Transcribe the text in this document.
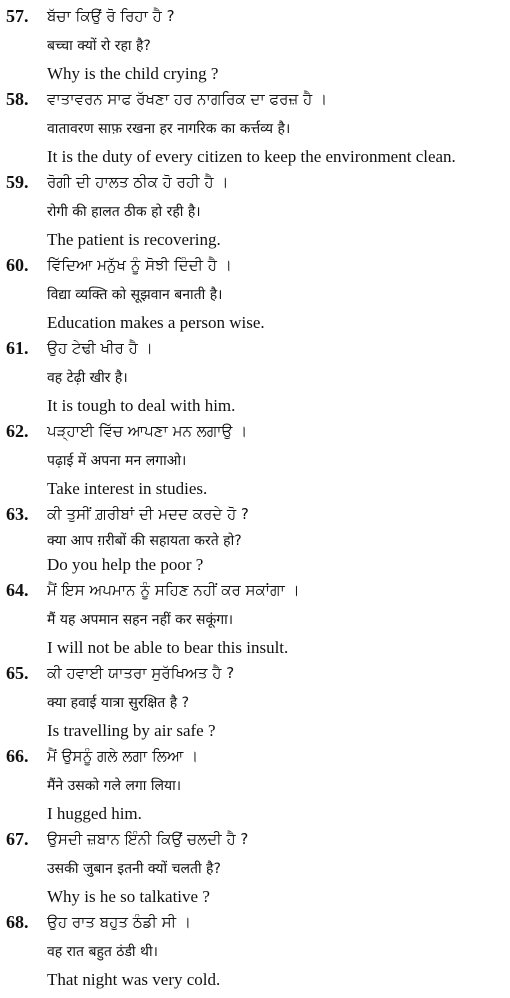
57. ਬੱਚਾ ਕਿਉਂ ਰੋ ਰਿਹਾ ਹੈ ?
बच्चा क्यों रो रहा है?
Why is the child crying ?
58. ਵਾਤਾਵਰਨ ਸਾਫ ਰੱਖਣਾ ਹਰ ਨਾਗਰਿਕ ਦਾ ਫਰਜ਼ ਹੈ ।
वातावरण साफ़ रखना हर नागरिक का कर्त्तव्य है।
It is the duty of every citizen to keep the environment clean.
59. ਰੋਗੀ ਦੀ ਹਾਲਤ ਠੀਕ ਹੋ ਰਹੀ ਹੈ ।
रोगी की हालत ठीक हो रही है।
The patient is recovering.
60. ਵਿੱਦਿਆ ਮਨੁੱਖ ਨੂੰ ਸੋਝੀ ਦਿੰਦੀ ਹੈ ।
विद्या व्यक्ति को सूझवान बनाती है।
Education makes a person wise.
61. ਉਹ ਟੇਢੀ ਖੀਰ ਹੈ ।
वह टेढ़ी खीर है।
It is tough to deal with him.
62. ਪੜ੍ਹਾਈ ਵਿੱਚ ਆਪਣਾ ਮਨ ਲਗਾਉ ।
पढ़ाई में अपना मन लगाओ।
Take interest in studies.
63. ਕੀ ਤੁਸੀਂ ਗ਼ਰੀਬਾਂ ਦੀ ਮਦਦ ਕਰਦੇ ਹੋ ?
क्या आप ग़रीबों की सहायता करते हो?
Do you help the poor ?
64. ਮੈਂ ਇਸ ਅਪਮਾਨ ਨੂੰ ਸਹਿਣ ਨਹੀਂ ਕਰ ਸਕਾਂਗਾ ।
मैं यह अपमान सहन नहीं कर सकूंगा।
I will not be able to bear this insult.
65. ਕੀ ਹਵਾਈ ਯਾਤਰਾ ਸੁਰੱਖਿਅਤ ਹੈ ?
क्या हवाई यात्रा सुरक्षित है ?
Is travelling by air safe ?
66. ਮੈਂ ਉਸਨੂੰ ਗਲੇ ਲਗਾ ਲਿਆ ।
मैंने उसको गले लगा लिया।
I hugged him.
67. ਉਸਦੀ ਜ਼ਬਾਨ ਇੰਨੀ ਕਿਉਂ ਚਲਦੀ ਹੈ ?
उसकी जुबान इतनी क्यों चलती है?
Why is he so talkative ?
68. ਉਹ ਰਾਤ ਬਹੁਤ ਠੰਡੀ ਸੀ ।
वह रात बहुत ठंडी थी।
That night was very cold.
